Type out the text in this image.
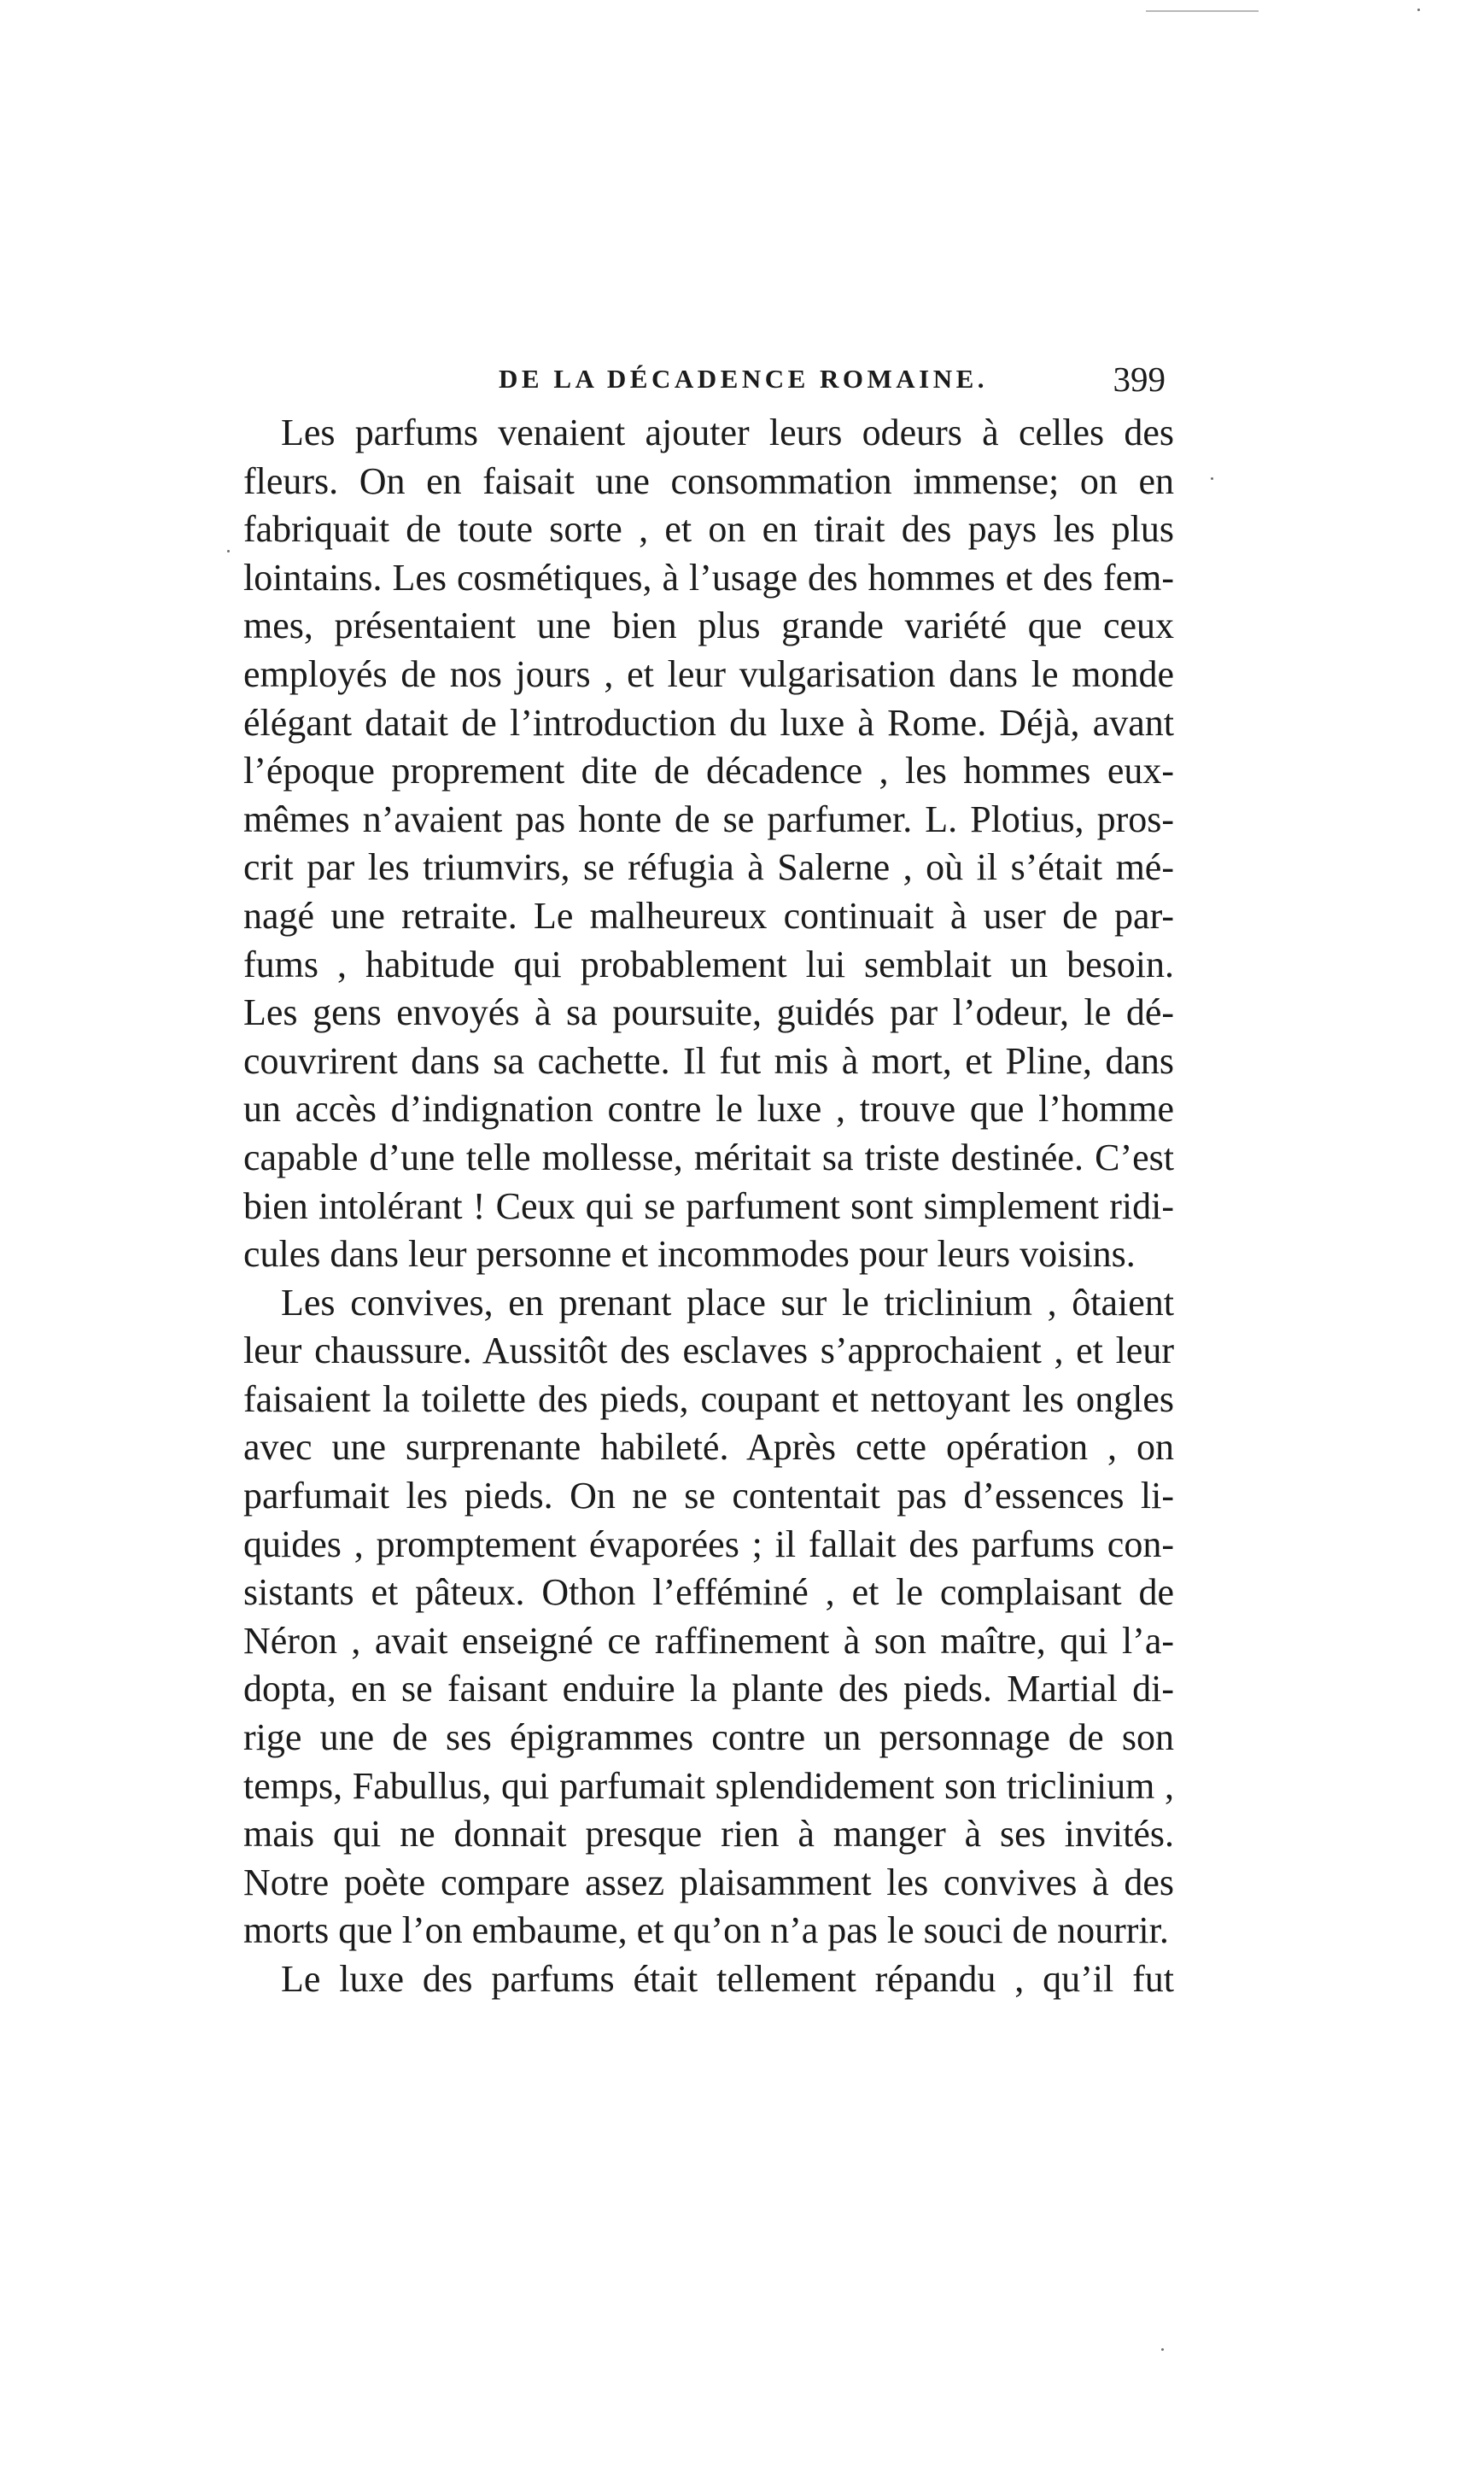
DE LA DÉCADENCE ROMAINE.	399

Les parfums venaient ajouter leurs odeurs à celles des
fleurs. On en faisait une consommation immense; on en
fabriquait de toute sorte , et on en tirait des pays les plus
lointains. Les cosmétiques, à l’usage des hommes et des fem-
mes, présentaient une bien plus grande variété que ceux
employés de nos jours , et leur vulgarisation dans le monde
élégant datait de l’introduction du luxe à Rome. Déjà, avant
l’époque proprement dite de décadence , les hommes eux-
mêmes n’avaient pas honte de se parfumer. L. Plotius, pros-
crit par les triumvirs, se réfugia à Salerne , où il s’était mé-
nagé une retraite. Le malheureux continuait à user de par-
fums , habitude qui probablement lui semblait un besoin.
Les gens envoyés à sa poursuite, guidés par l’odeur, le dé-
couvrirent dans sa cachette. Il fut mis à mort, et Pline, dans
un accès d’indignation contre le luxe , trouve que l’homme
capable d’une telle mollesse, méritait sa triste destinée. C’est
bien intolérant ! Ceux qui se parfument sont simplement ridi-
cules dans leur personne et incommodes pour leurs voisins.

Les convives, en prenant place sur le triclinium , ôtaient
leur chaussure. Aussitôt des esclaves s’approchaient , et leur
faisaient la toilette des pieds, coupant et nettoyant les ongles
avec une surprenante habileté. Après cette opération , on
parfumait les pieds. On ne se contentait pas d’essences li-
quides , promptement évaporées ; il fallait des parfums con-
sistants et pâteux. Othon l’efféminé , et le complaisant de
Néron , avait enseigné ce raffinement à son maître, qui l’a-
dopta, en se faisant enduire la plante des pieds. Martial di-
rige une de ses épigrammes contre un personnage de son
temps, Fabullus, qui parfumait splendidement son triclinium ,
mais qui ne donnait presque rien à manger à ses invités.
Notre poète compare assez plaisamment les convives à des
morts que l’on embaume, et qu’on n’a pas le souci de nourrir.

Le luxe des parfums était tellement répandu , qu’il fut
